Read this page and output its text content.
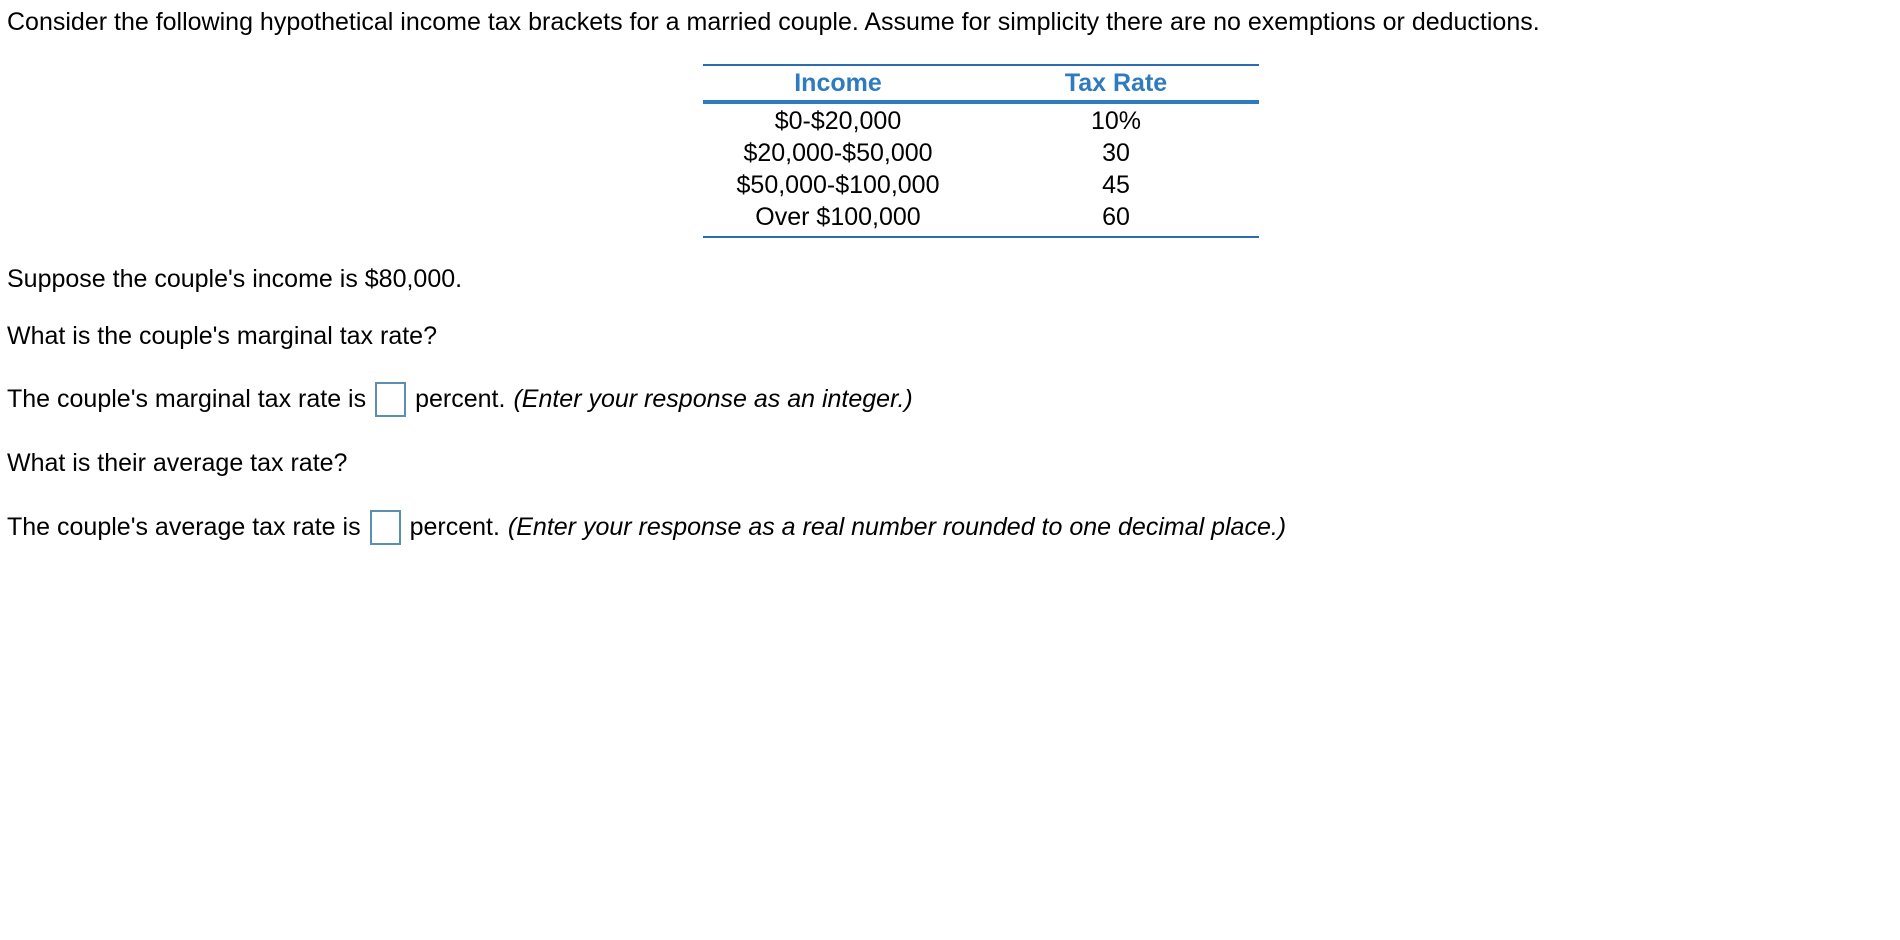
Consider the following hypothetical income tax brackets for a married couple. Assume for simplicity there are no exemptions or deductions.

Income	Tax Rate
$0-$20,000	10%
$20,000-$50,000	30
$50,000-$100,000	45
Over $100,000	60

Suppose the couple's income is $80,000.

What is the couple's marginal tax rate?

The couple's marginal tax rate is percent. (Enter your response as an integer.)

What is their average tax rate?

The couple's average tax rate is percent. (Enter your response as a real number rounded to one decimal place.)
